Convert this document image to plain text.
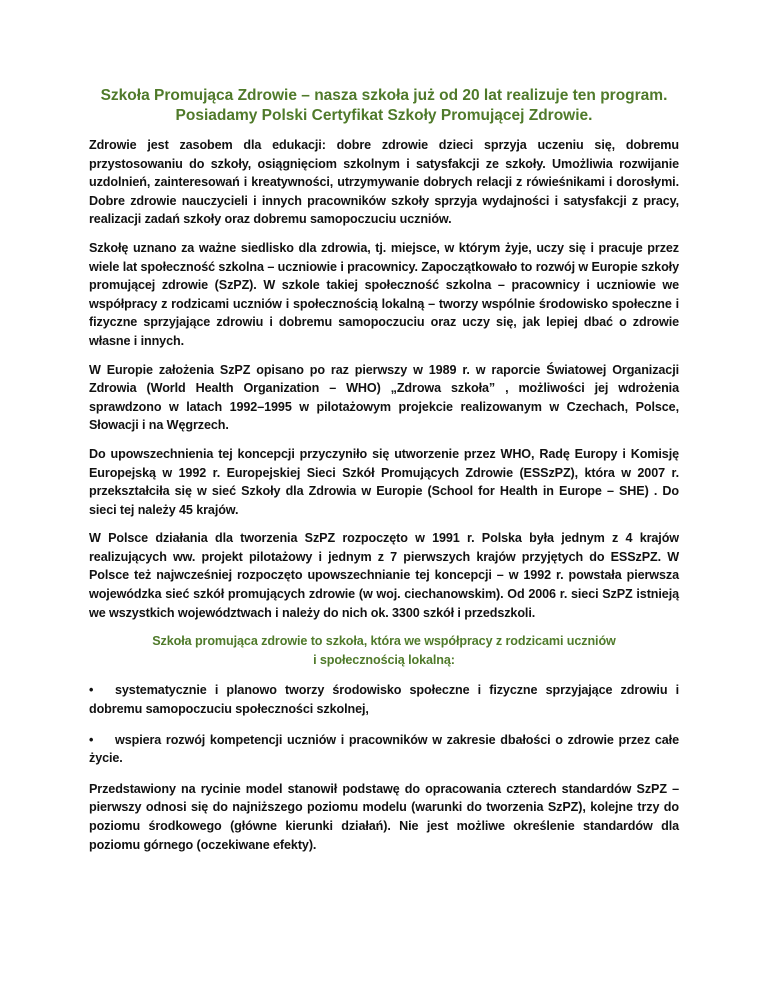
Szkoła Promująca Zdrowie – nasza szkoła już od 20 lat realizuje ten program.
Posiadamy Polski Certyfikat Szkoły Promującej Zdrowie.

Zdrowie jest zasobem dla edukacji: dobre zdrowie dzieci sprzyja uczeniu się, dobremu przystosowaniu do szkoły, osiągnięciom szkolnym i satysfakcji ze szkoły. Umożliwia rozwijanie uzdolnień, zainteresowań i kreatywności, utrzymywanie dobrych relacji z rówieśnikami i dorosłymi. Dobre zdrowie nauczycieli i innych pracowników szkoły sprzyja wydajności i satysfakcji z pracy, realizacji zadań szkoły oraz dobremu samopoczuciu uczniów.

Szkołę uznano za ważne siedlisko dla zdrowia, tj. miejsce, w którym żyje, uczy się i pracuje przez wiele lat społeczność szkolna – uczniowie i pracownicy. Zapoczątkowało to rozwój w Europie szkoły promującej zdrowie (SzPZ). W szkole takiej społeczność szkolna – pracownicy i uczniowie we współpracy z rodzicami uczniów i społecznością lokalną – tworzy wspólnie środowisko społeczne i fizyczne sprzyjające zdrowiu i dobremu samopoczuciu oraz uczy się, jak lepiej dbać o zdrowie własne i innych.

W Europie założenia SzPZ opisano po raz pierwszy w 1989 r. w raporcie Światowej Organizacji Zdrowia (World Health Organization – WHO) „Zdrowa szkoła” , możliwości jej wdrożenia sprawdzono w latach 1992–1995 w pilotażowym projekcie realizowanym w Czechach, Polsce, Słowacji i na Węgrzech.

Do upowszechnienia tej koncepcji przyczyniło się utworzenie przez WHO, Radę Europy i Komisję Europejską w 1992 r. Europejskiej Sieci Szkół Promujących Zdrowie (ESSzPZ), która w 2007 r. przekształciła się w sieć Szkoły dla Zdrowia w Europie (School for Health in Europe – SHE) . Do sieci tej należy 45 krajów.

W Polsce działania dla tworzenia SzPZ rozpoczęto w 1991 r. Polska była jednym z 4 krajów realizujących ww. projekt pilotażowy i jednym z 7 pierwszych krajów przyjętych do ESSzPZ. W Polsce też najwcześniej rozpoczęto upowszechnianie tej koncepcji – w 1992 r. powstała pierwsza wojewódzka sieć szkół promujących zdrowie (w woj. ciechanowskim). Od 2006 r. sieci SzPZ istnieją we wszystkich województwach i należy do nich ok. 3300 szkół i przedszkoli.

Szkoła promująca zdrowie to szkoła, która we współpracy z rodzicami uczniów
i społecznością lokalną:
• systematycznie i planowo tworzy środowisko społeczne i fizyczne sprzyjające zdrowiu i dobremu samopoczuciu społeczności szkolnej,
• wspiera rozwój kompetencji uczniów i pracowników w zakresie dbałości o zdrowie przez całe życie.

Przedstawiony na rycinie model stanowił podstawę do opracowania czterech standardów SzPZ – pierwszy odnosi się do najniższego poziomu modelu (warunki do tworzenia SzPZ), kolejne trzy do poziomu środkowego (główne kierunki działań). Nie jest możliwe określenie standardów dla poziomu górnego (oczekiwane efekty).
